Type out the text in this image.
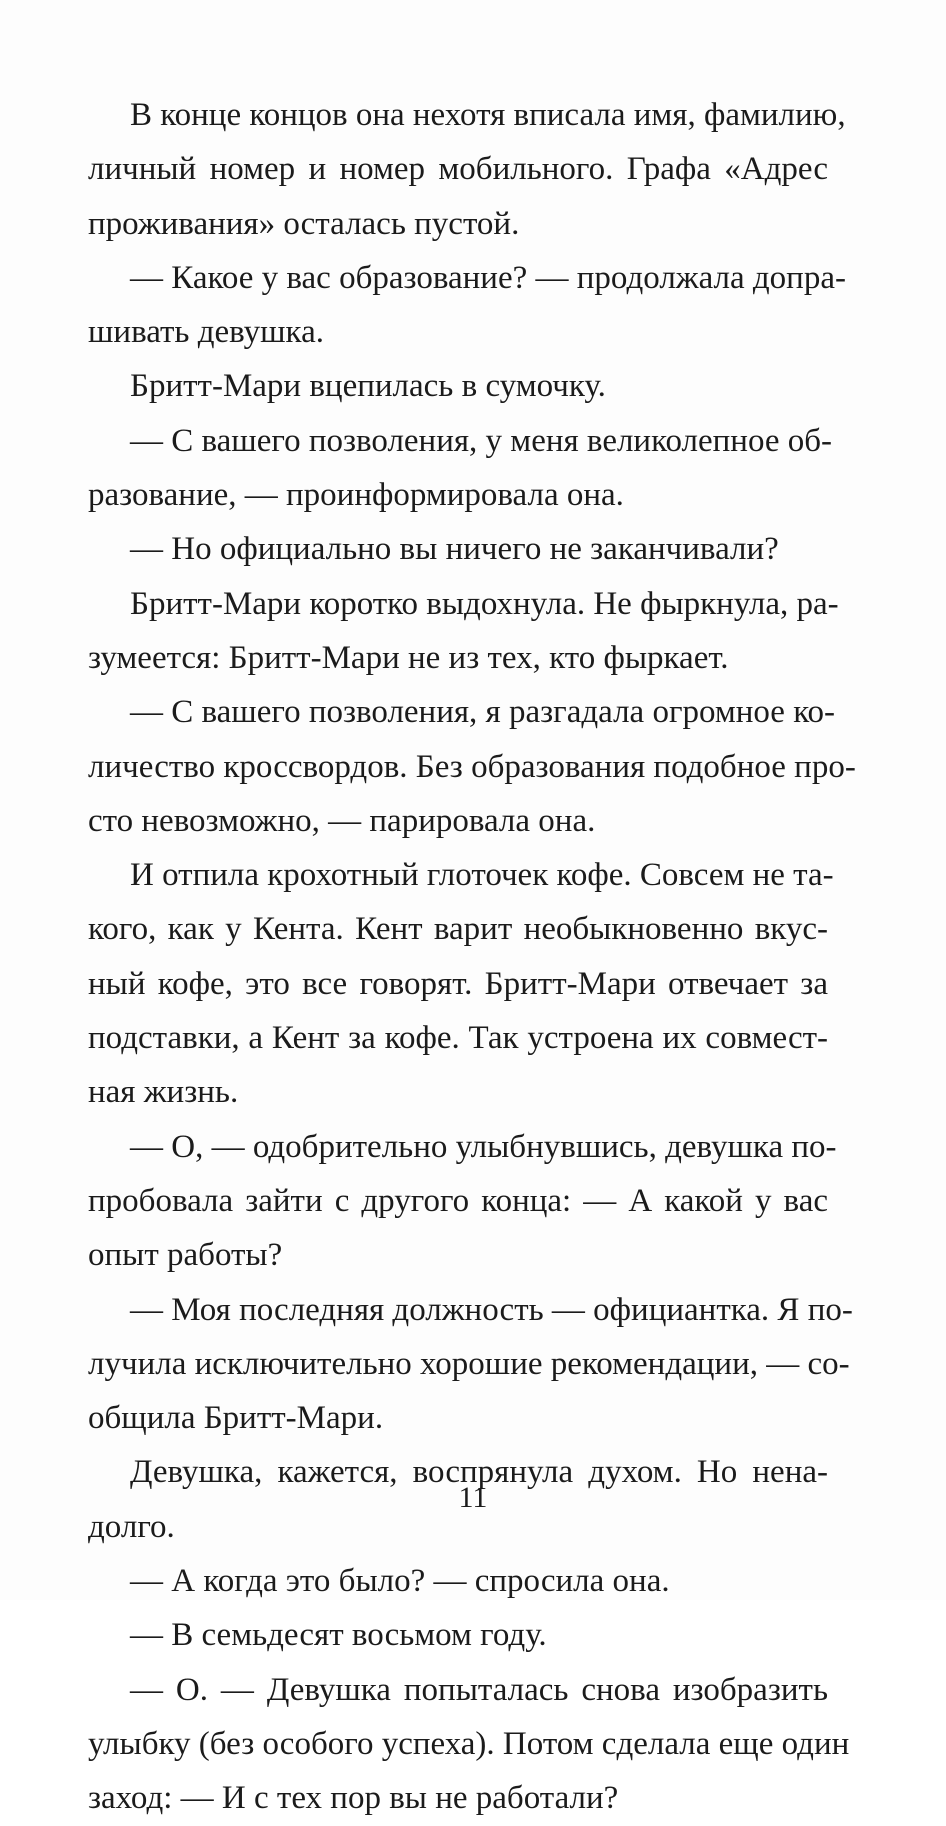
В конце концов она нехотя вписала имя, фамилию,
личный номер и номер мобильного. Графа «Адрес
проживания» осталась пустой.
— Какое у вас образование? — продолжала допра-
шивать девушка.
Бритт-Мари вцепилась в сумочку.
— С вашего позволения, у меня великолепное об-
разование, — проинформировала она.
— Но официально вы ничего не заканчивали?
Бритт-Мари коротко выдохнула. Не фыркнула, ра-
зумеется: Бритт-Мари не из тех, кто фыркает.
— С вашего позволения, я разгадала огромное ко-
личество кроссвордов. Без образования подобное про-
сто невозможно, — парировала она.
И отпила крохотный глоточек кофе. Совсем не та-
кого, как у Кента. Кент варит необыкновенно вкус-
ный кофе, это все говорят. Бритт-Мари отвечает за
подставки, а Кент за кофе. Так устроена их совмест-
ная жизнь.
— О, — одобрительно улыбнувшись, девушка по-
пробовала зайти с другого конца: — А какой у вас
опыт работы?
— Моя последняя должность — официантка. Я по-
лучила исключительно хорошие рекомендации, — со-
общила Бритт-Мари.
Девушка, кажется, воспрянула духом. Но нена-
долго.
— А когда это было? — спросила она.
— В семьдесят восьмом году.
— О. — Девушка попыталась снова изобразить
улыбку (без особого успеха). Потом сделала еще один
заход: — И с тех пор вы не работали?
11
